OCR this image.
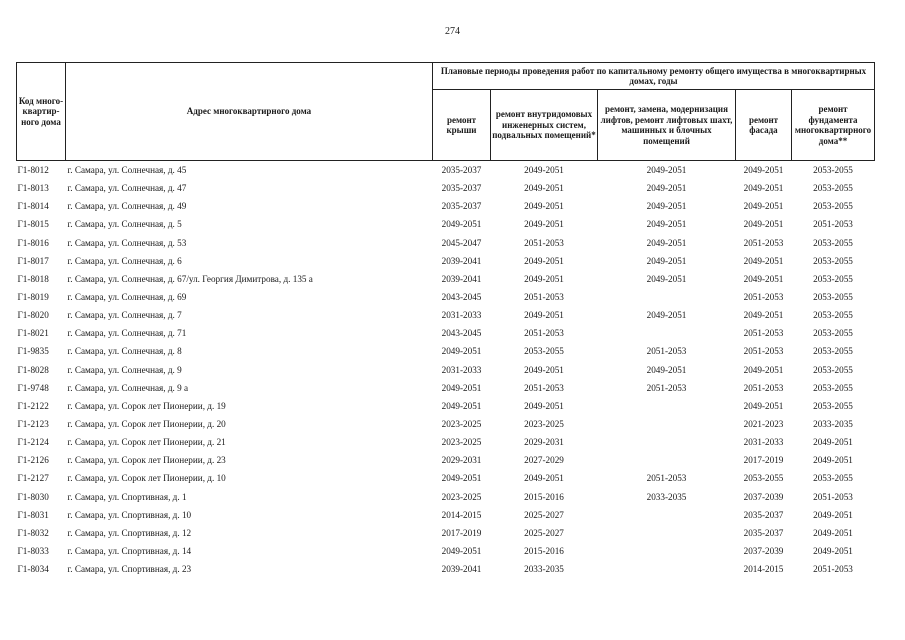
274
Код много-квартир-ного дома	Адрес многоквартирного дома	Плановые периоды проведения работ по капитальному ремонту общего имущества в многоквартирных домах, годы				
		ремонт крыши	ремонт внутридомовых инженерных систем, подвальных помещений*	ремонт, замена, модернизация лифтов, ремонт лифтовых шахт, машинных и блочных помещений	ремонт фасада	ремонт фундамента многоквартирного дома**
Г1-8012	г. Самара, ул. Солнечная, д. 45	2035-2037	2049-2051	2049-2051	2049-2051	2053-2055
Г1-8013	г. Самара, ул. Солнечная, д. 47	2035-2037	2049-2051	2049-2051	2049-2051	2053-2055
Г1-8014	г. Самара, ул. Солнечная, д. 49	2035-2037	2049-2051	2049-2051	2049-2051	2053-2055
Г1-8015	г. Самара, ул. Солнечная, д. 5	2049-2051	2049-2051	2049-2051	2049-2051	2051-2053
Г1-8016	г. Самара, ул. Солнечная, д. 53	2045-2047	2051-2053	2049-2051	2051-2053	2053-2055
Г1-8017	г. Самара, ул. Солнечная, д. 6	2039-2041	2049-2051	2049-2051	2049-2051	2053-2055
Г1-8018	г. Самара, ул. Солнечная, д. 67/ул. Георгия Димитрова, д. 135 а	2039-2041	2049-2051	2049-2051	2049-2051	2053-2055
Г1-8019	г. Самара, ул. Солнечная, д. 69	2043-2045	2051-2053		2051-2053	2053-2055
Г1-8020	г. Самара, ул. Солнечная, д. 7	2031-2033	2049-2051	2049-2051	2049-2051	2053-2055
Г1-8021	г. Самара, ул. Солнечная, д. 71	2043-2045	2051-2053		2051-2053	2053-2055
Г1-9835	г. Самара, ул. Солнечная, д. 8	2049-2051	2053-2055	2051-2053	2051-2053	2053-2055
Г1-8028	г. Самара, ул. Солнечная, д. 9	2031-2033	2049-2051	2049-2051	2049-2051	2053-2055
Г1-9748	г. Самара, ул. Солнечная, д. 9 а	2049-2051	2051-2053	2051-2053	2051-2053	2053-2055
Г1-2122	г. Самара, ул. Сорок лет Пионерии, д. 19	2049-2051	2049-2051		2049-2051	2053-2055
Г1-2123	г. Самара, ул. Сорок лет Пионерии, д. 20	2023-2025	2023-2025		2021-2023	2033-2035
Г1-2124	г. Самара, ул. Сорок лет Пионерии, д. 21	2023-2025	2029-2031		2031-2033	2049-2051
Г1-2126	г. Самара, ул. Сорок лет Пионерии, д. 23	2029-2031	2027-2029		2017-2019	2049-2051
Г1-2127	г. Самара, ул. Сорок лет Пионерии, д. 10	2049-2051	2049-2051	2051-2053	2053-2055	2053-2055
Г1-8030	г. Самара, ул. Спортивная, д. 1	2023-2025	2015-2016	2033-2035	2037-2039	2051-2053
Г1-8031	г. Самара, ул. Спортивная, д. 10	2014-2015	2025-2027		2035-2037	2049-2051
Г1-8032	г. Самара, ул. Спортивная, д. 12	2017-2019	2025-2027		2035-2037	2049-2051
Г1-8033	г. Самара, ул. Спортивная, д. 14	2049-2051	2015-2016		2037-2039	2049-2051
Г1-8034	г. Самара, ул. Спортивная, д. 23	2039-2041	2033-2035		2014-2015	2051-2053
